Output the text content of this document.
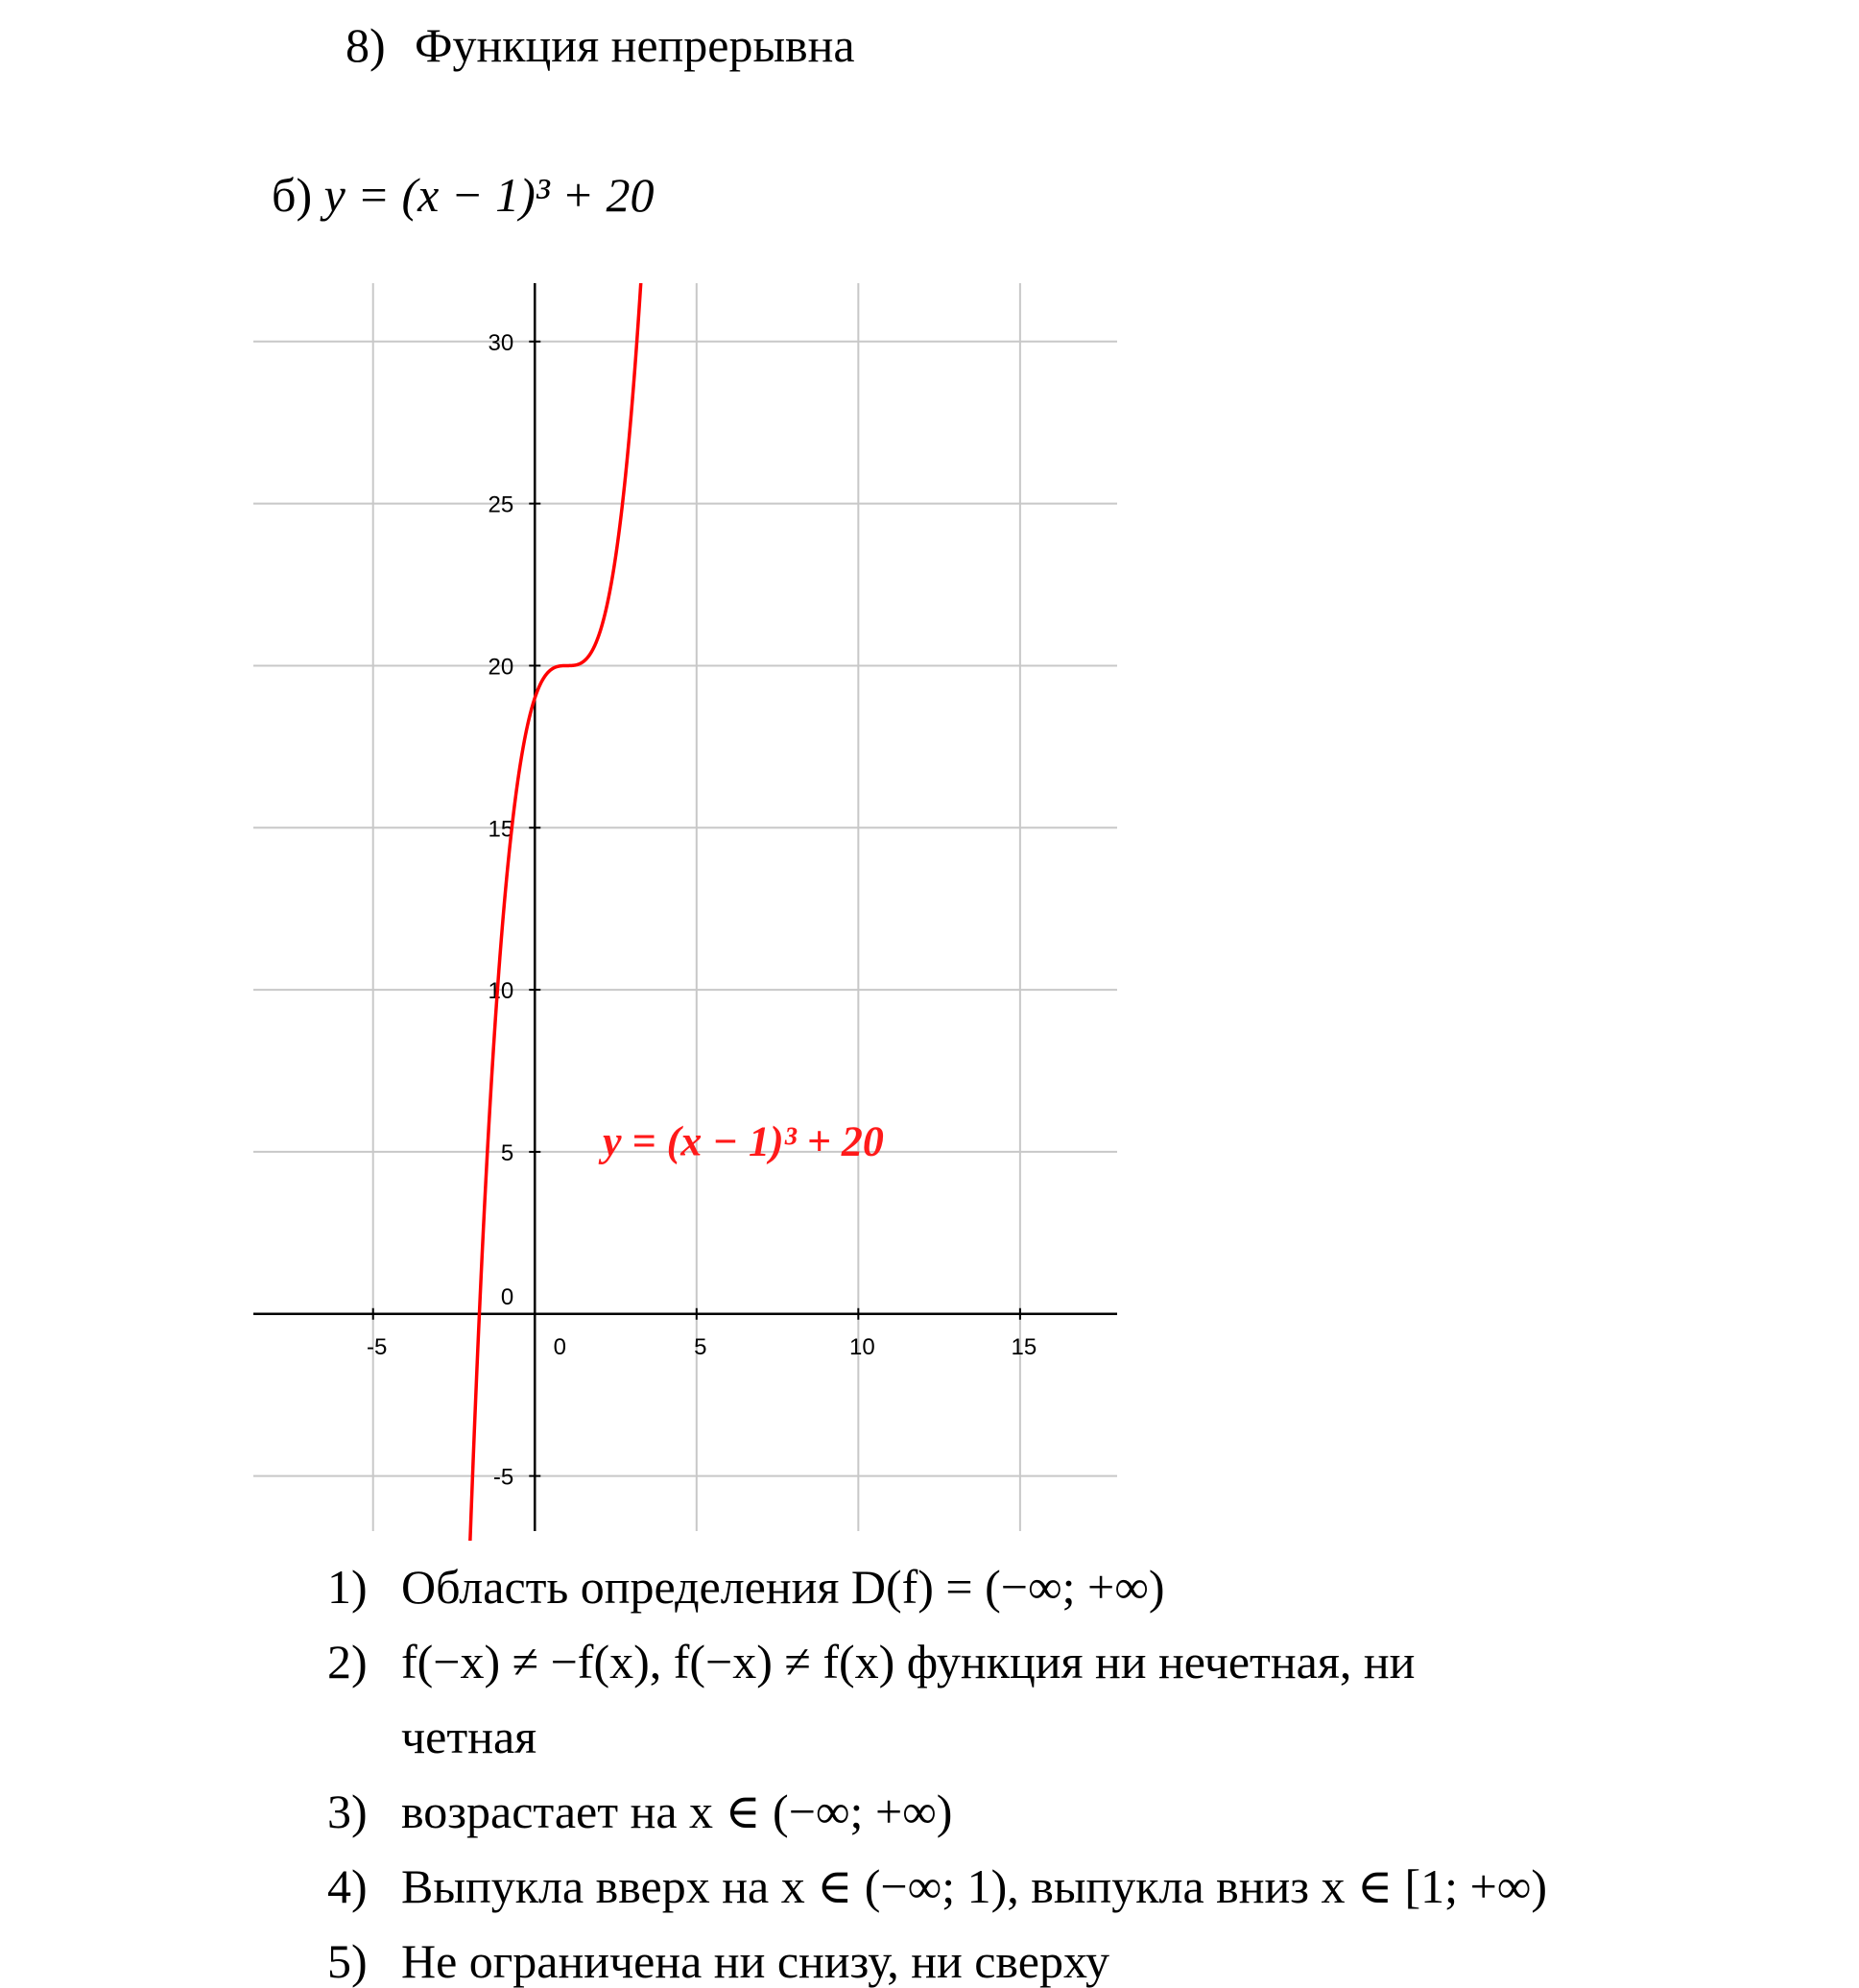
8) Функция непрерывна
б) y = (x − 1)³ + 20
-5	0	5	10	15
-5
0
5
10
15
20
25
30
y = (x − 1)³ + 20
1) Область определения D(f) = (−∞; +∞)
2) f(−x) ≠ −f(x), f(−x) ≠ f(x) функция ни нечетная, ни
четная
3) возрастает на x ∈ (−∞; +∞)
4) Выпукла вверх на x ∈ (−∞; 1), выпукла вниз x ∈ [1; +∞)
5) Не ограничена ни снизу, ни сверху
